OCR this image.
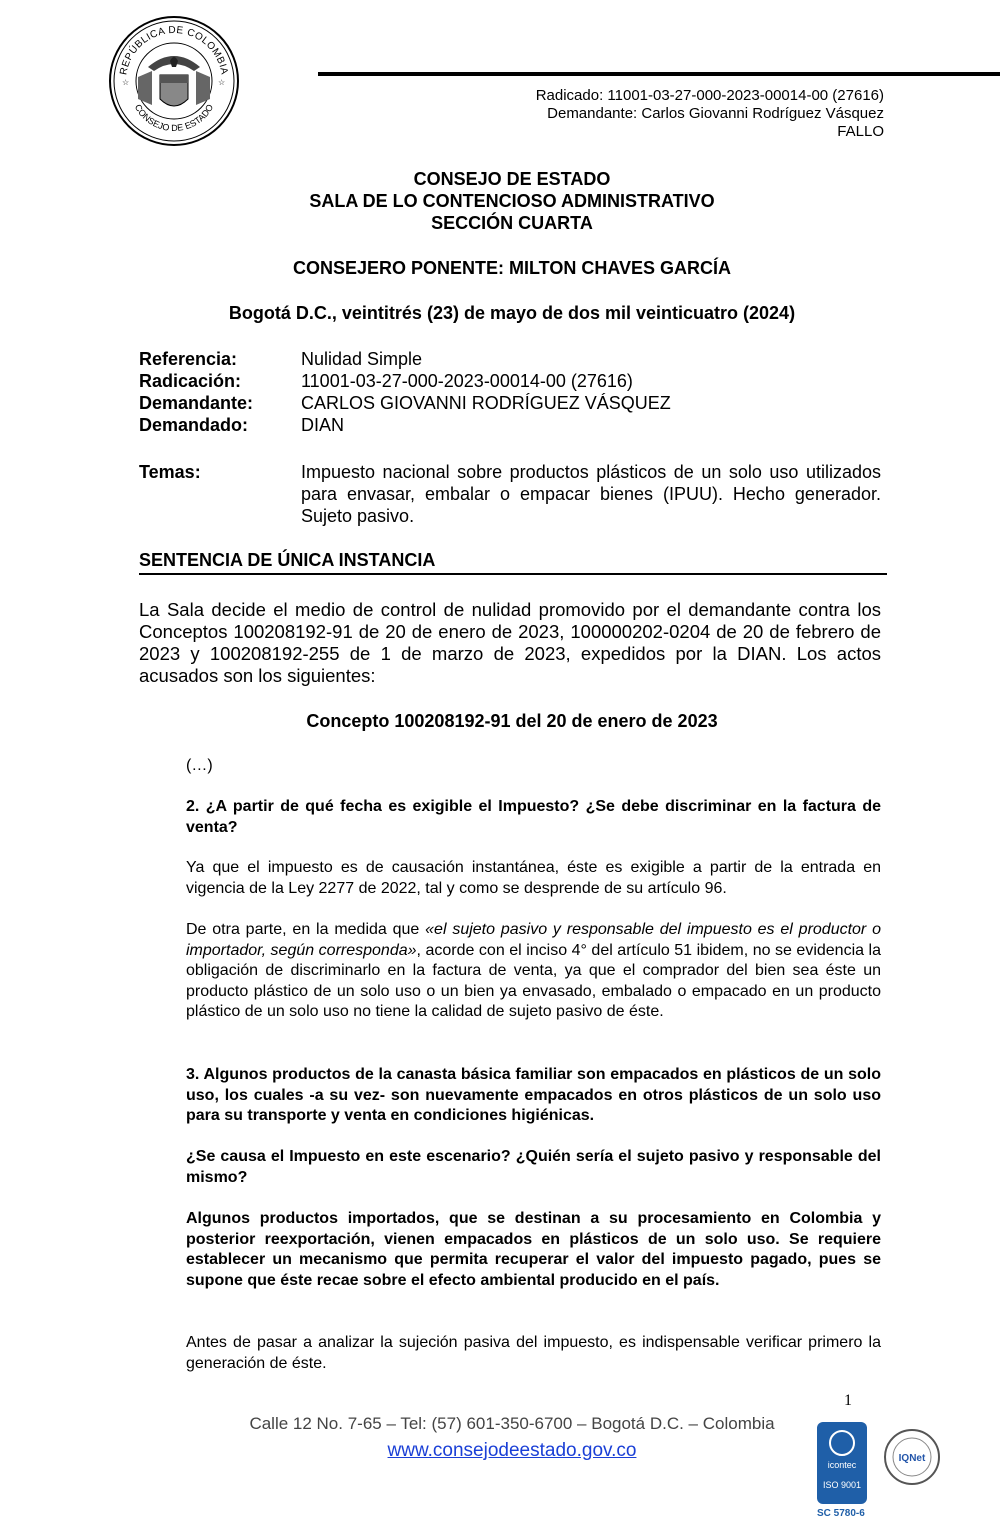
REPÚBLICA DE COLOMBIA
CONSEJO DE ESTADO
☆	☆
Radicado: 11001-03-27-000-2023-00014-00 (27616)
Demandante: Carlos Giovanni Rodríguez Vásquez
FALLO
CONSEJO DE ESTADO
SALA DE LO CONTENCIOSO ADMINISTRATIVO
SECCIÓN CUARTA
CONSEJERO PONENTE: MILTON CHAVES GARCÍA
Bogotá D.C., veintitrés (23) de mayo de dos mil veinticuatro (2024)
Referencia:	Nulidad Simple
Radicación:	11001-03-27-000-2023-00014-00 (27616)
Demandante:	CARLOS GIOVANNI RODRÍGUEZ VÁSQUEZ
Demandado:	DIAN
Temas:	Impuesto nacional sobre productos plásticos de un solo uso utilizados para envasar, embalar o empacar bienes (IPUU). Hecho generador. Sujeto pasivo.
SENTENCIA DE ÚNICA INSTANCIA
La Sala decide el medio de control de nulidad promovido por el demandante contra los Conceptos 100208192-91 de 20 de enero de 2023, 100000202-0204 de 20 de febrero de 2023 y 100208192-255 de 1 de marzo de 2023, expedidos por la DIAN. Los actos acusados son los siguientes:
Concepto 100208192-91 del 20 de enero de 2023
(…)
2. ¿A partir de qué fecha es exigible el Impuesto? ¿Se debe discriminar en la factura de venta?
Ya que el impuesto es de causación instantánea, éste es exigible a partir de la entrada en vigencia de la Ley 2277 de 2022, tal y como se desprende de su artículo 96.
De otra parte, en la medida que «el sujeto pasivo y responsable del impuesto es el productor o importador, según corresponda», acorde con el inciso 4° del artículo 51 ibidem, no se evidencia la obligación de discriminarlo en la factura de venta, ya que el comprador del bien sea éste un producto plástico de un solo uso o un bien ya envasado, embalado o empacado en un producto plástico de un solo uso no tiene la calidad de sujeto pasivo de éste.
3. Algunos productos de la canasta básica familiar son empacados en plásticos de un solo uso, los cuales -a su vez- son nuevamente empacados en otros plásticos de un solo uso para su transporte y venta en condiciones higiénicas.
¿Se causa el Impuesto en este escenario? ¿Quién sería el sujeto pasivo y responsable del mismo?
Algunos productos importados, que se destinan a su procesamiento en Colombia y posterior reexportación, vienen empacados en plásticos de un solo uso. Se requiere establecer un mecanismo que permita recuperar el valor del impuesto pagado, pues se supone que éste recae sobre el efecto ambiental producido en el país.
Antes de pasar a analizar la sujeción pasiva del impuesto, es indispensable verificar primero la generación de éste.
1
Calle 12 No. 7-65 – Tel: (57) 601-350-6700 – Bogotá D.C. – Colombia
www.consejodeestado.gov.co
icontec
ISO 9001
IQNet
SC 5780-6
